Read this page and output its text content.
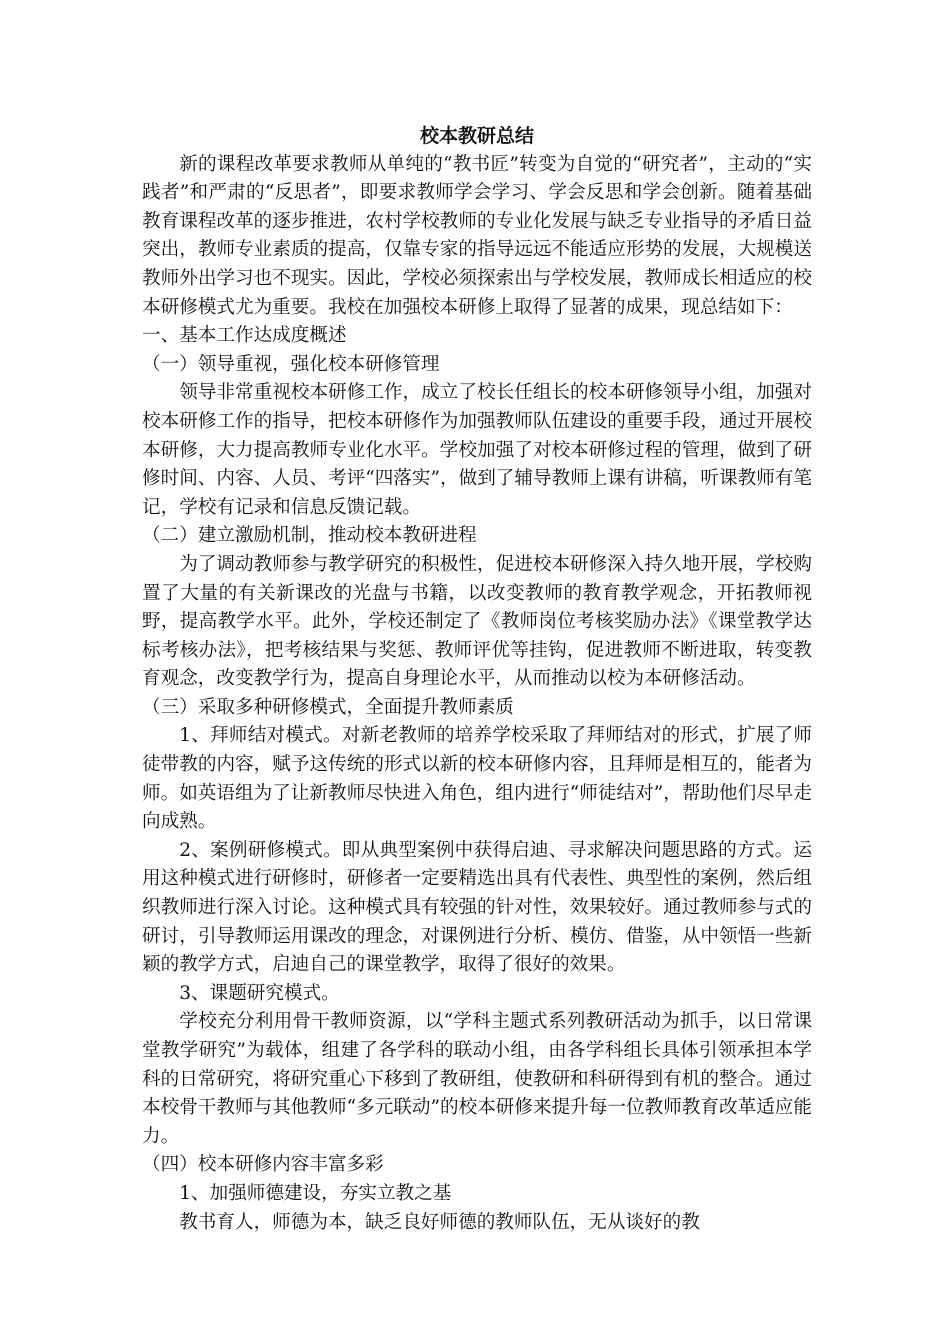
校本教研总结

新的课程改革要求教师从单纯的“教书匠”转变为自觉的“研究者”，主动的“实践者”和严肃的“反思者”，即要求教师学会学习、学会反思和学会创新。随着基础教育课程改革的逐步推进，农村学校教师的专业化发展与缺乏专业指导的矛盾日益突出，教师专业素质的提高，仅靠专家的指导远远不能适应形势的发展，大规模送教师外出学习也不现实。因此，学校必须探索出与学校发展，教师成长相适应的校本研修模式尤为重要。我校在加强校本研修上取得了显著的成果，现总结如下：

一、基本工作达成度概述

（一）领导重视，强化校本研修管理

领导非常重视校本研修工作，成立了校长任组长的校本研修领导小组，加强对校本研修工作的指导，把校本研修作为加强教师队伍建设的重要手段，通过开展校本研修，大力提高教师专业化水平。学校加强了对校本研修过程的管理，做到了研修时间、内容、人员、考评“四落实”，做到了辅导教师上课有讲稿，听课教师有笔记，学校有记录和信息反馈记载。

（二）建立激励机制，推动校本教研进程

为了调动教师参与教学研究的积极性，促进校本研修深入持久地开展，学校购置了大量的有关新课改的光盘与书籍，以改变教师的教育教学观念，开拓教师视野，提高教学水平。此外，学校还制定了《教师岗位考核奖励办法》《课堂教学达标考核办法》，把考核结果与奖惩、教师评优等挂钩，促进教师不断进取，转变教育观念，改变教学行为，提高自身理论水平，从而推动以校为本研修活动。

（三）采取多种研修模式，全面提升教师素质

1、拜师结对模式。对新老教师的培养学校采取了拜师结对的形式，扩展了师徒带教的内容，赋予这传统的形式以新的校本研修内容，且拜师是相互的，能者为师。如英语组为了让新教师尽快进入角色，组内进行“师徒结对”，帮助他们尽早走向成熟。

2、案例研修模式。即从典型案例中获得启迪、寻求解决问题思路的方式。运用这种模式进行研修时，研修者一定要精选出具有代表性、典型性的案例，然后组织教师进行深入讨论。这种模式具有较强的针对性，效果较好。通过教师参与式的研讨，引导教师运用课改的理念，对课例进行分析、模仿、借鉴，从中领悟一些新颖的教学方式，启迪自己的课堂教学，取得了很好的效果。

3、课题研究模式。

学校充分利用骨干教师资源，以“学科主题式系列教研活动为抓手，以日常课堂教学研究”为载体，组建了各学科的联动小组，由各学科组长具体引领承担本学科的日常研究，将研究重心下移到了教研组，使教研和科研得到有机的整合。通过本校骨干教师与其他教师“多元联动”的校本研修来提升每一位教师教育改革适应能力。

（四）校本研修内容丰富多彩

1、加强师德建设，夯实立教之基

教书育人，师德为本，缺乏良好师德的教师队伍，无从谈好的教
